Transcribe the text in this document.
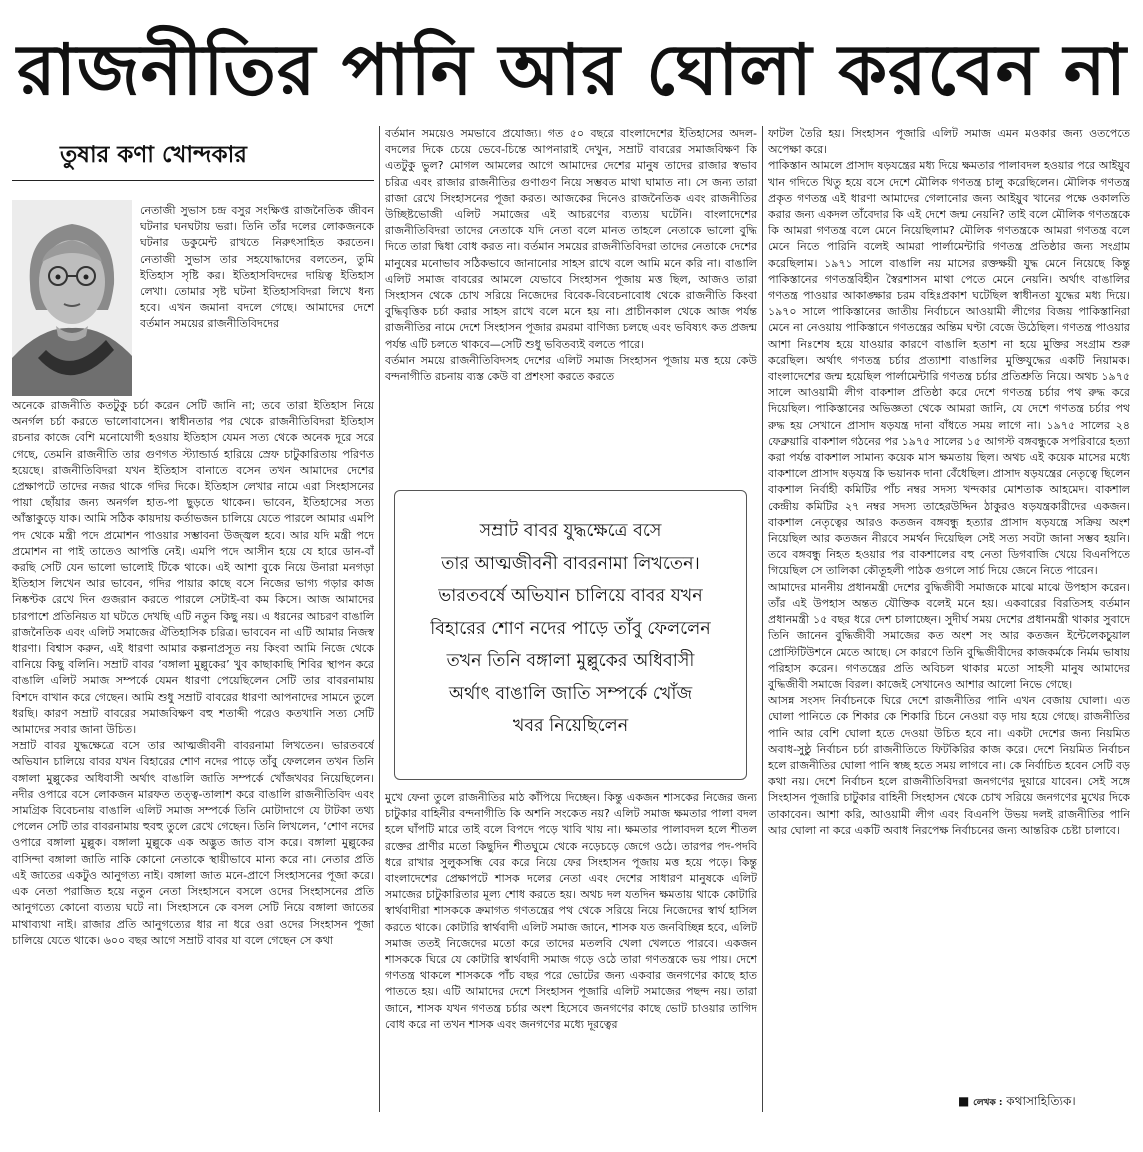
রাজনীতির পানি আর ঘোলা করবেন না
তুষার কণা খোন্দকার

নেতাজী সুভাস চন্দ্র বসুর সংক্ষিপ্ত রাজনৈতিক জীবন ঘটনার ঘনঘটায় ভরা। তিনি তাঁর দলের লোকজনকে ঘটনার ডকুমেন্ট রাখতে নিরুৎসাহিত করতেন। নেতাজী সুভাস তার সহযোদ্ধাদের বলতেন, তুমি ইতিহাস সৃষ্টি কর। ইতিহাসবিদদের দায়িত্ব ইতিহাস লেখা। তোমার সৃষ্ট ঘটনা ইতিহাসবিদরা লিখে ধন্য হবে। এখন জমানা বদলে গেছে। আমাদের দেশে বর্তমান সময়ের রাজনীতিবিদদের

অনেকে রাজনীতি কতটুকু চর্চা করেন সেটি জানি না; তবে তারা ইতিহাস নিয়ে অনর্গল চর্চা করতে ভালোবাসেন। স্বাধীনতার পর থেকে রাজনীতিবিদরা ইতিহাস রচনার কাজে বেশি মনোযোগী হওয়ায় ইতিহাস যেমন সত্য থেকে অনেক দূরে সরে গেছে, তেমনি রাজনীতি তার গুণগত স্ট্যান্ডার্ড হারিয়ে স্রেফ চাটুকারিতায় পরিণত হয়েছে। রাজনীতিবিদরা যখন ইতিহাস বানাতে বসেন তখন আমাদের দেশের প্রেক্ষাপটে তাদের নজর থাকে গদির দিকে। ইতিহাস লেখার নামে এরা সিংহাসনের পায়া ছোঁয়ার জন্য অনর্গল হাত-পা ছুড়তে থাকেন। ভাবেন, ইতিহাসের সত্য আঁস্তাকুড়ে যাক। আমি সঠিক কায়দায় কর্তাভজন চালিয়ে যেতে পারলে আমার এমপি পদ থেকে মন্ত্রী পদে প্রমোশন পাওয়ার সম্ভাবনা উজ্জ্বল হবে। আর যদি মন্ত্রী পদে প্রমোশন না পাই তাতেও আপত্তি নেই। এমপি পদে আসীন হয়ে যে হারে ডান-বাঁ করছি সেটি যেন ভালো ভালোই টিকে থাকে। এই আশা বুকে নিয়ে উনারা মনগড়া ইতিহাস লিখেন আর ভাবেন, গদির পায়ার কাছে বসে নিজের ভাগ্য গড়ার কাজ নিষ্কণ্টক রেখে দিন গুজরান করতে পারলে সেটাই-বা কম কিসে। আজ আমাদের চারপাশে প্রতিনিয়ত যা ঘটতে দেখছি এটি নতুন কিছু নয়। এ ধরনের আচরণ বাঙালি রাজনৈতিক এবং এলিট সমাজের ঐতিহাসিক চরিত্র। ভাববেন না এটি আমার নিজস্ব ধারণা। বিশ্বাস করুন, এই ধারণা আমার কল্পনাপ্রসূত নয় কিংবা আমি নিজে থেকে বানিয়ে কিছু বলিনি। সম্রাট বাবর ‘বঙ্গালা মুল্লুকের’ খুব কাছাকাছি শিবির স্থাপন করে বাঙালি এলিট সমাজ সম্পর্কে যেমন ধারণা পেয়েছিলেন সেটি তার বাবরনামায় বিশদে বাখান করে গেছেন। আমি শুধু সম্রাট বাবরের ধারণা আপনাদের সামনে তুলে ধরছি। কারণ সম্রাট বাবরের সমাজবিক্ষণ বহু শতাব্দী পরেও কতখানি সত্য সেটি আমাদের সবার জানা উচিত।

সম্রাট বাবর যুদ্ধক্ষেত্রে বসে তার আত্মজীবনী বাবরনামা লিখতেন। ভারতবর্ষে অভিযান চালিয়ে বাবর যখন বিহারের শোণ নদের পাড়ে তাঁবু ফেললেন তখন তিনি বঙ্গালা মুল্লুকের অধিবাসী অর্থাৎ বাঙালি জাতি সম্পর্কে খোঁজখবর নিয়েছিলেন। নদীর ওপারে বসে লোকজন মারফত তত্ত্ব-তালাশ করে বাঙালি রাজনীতিবিদ এবং সামগ্রিক বিবেচনায় বাঙালি এলিট সমাজ সম্পর্কে তিনি মোটাদাগে যে টাটকা তথ্য পেলেন সেটি তার বাবরনামায় হুবহু তুলে রেখে গেছেন। তিনি লিখলেন, ‘শোণ নদের ওপারে বঙ্গালা মুল্লুক। বঙ্গালা মুল্লুকে এক অদ্ভুত জাত বাস করে। বঙ্গালা মুল্লুকের বাসিন্দা বঙ্গালা জাতি নাকি কোনো নেতাকে স্থায়ীভাবে মান্য করে না। নেতার প্রতি এই জাতের একটুও আনুগত্য নাই। বঙ্গালা জাত মনে-প্রাণে সিংহাসনের পূজা করে। এক নেতা পরাজিত হয়ে নতুন নেতা সিংহাসনে বসলে ওদের সিংহাসনের প্রতি আনুগত্যে কোনো ব্যত্যয় ঘটে না। সিংহাসনে কে বসল সেটি নিয়ে বঙ্গালা জাতের মাথাব্যথা নাই। রাজার প্রতি আনুগত্যের ধার না ধরে ওরা ওদের সিংহাসন পূজা চালিয়ে যেতে থাকে। ৬০০ বছর আগে সম্রাট বাবর যা বলে গেছেন সে কথা

বর্তমান সময়েও সমভাবে প্রযোজ্য। গত ৫০ বছরে বাংলাদেশের ইতিহাসের অদল-বদলের দিকে চেয়ে ভেবে-চিন্তে আপনারাই দেখুন, সম্রাট বাবরের সমাজবিক্ষণ কি এতটুকু ভুল? মোগল আমলের আগে আমাদের দেশের মানুষ তাদের রাজার স্বভাব চরিত্র এবং রাজার রাজনীতির গুণাগুণ নিয়ে সম্ভবত মাথা ঘামাত না। সে জন্য তারা রাজা রেখে সিংহাসনের পূজা করত। আজকের দিনেও রাজনৈতিক এবং রাজনীতির উচ্ছিষ্টভোজী এলিট সমাজের এই আচরণের ব্যত্যয় ঘটেনি। বাংলাদেশের রাজনীতিবিদরা তাদের নেতাকে যদি নেতা বলে মানত তাহলে নেতাকে ভালো বুদ্ধি দিতে তারা দ্বিধা বোধ করত না। বর্তমান সময়ের রাজনীতিবিদরা তাদের নেতাকে দেশের মানুষের মনোভাব সঠিকভাবে জানানোর সাহস রাখে বলে আমি মনে করি না। বাঙালি এলিট সমাজ বাবরের আমলে যেভাবে সিংহাসন পূজায় মত্ত ছিল, আজও তারা সিংহাসন থেকে চোখ সরিয়ে নিজেদের বিবেক-বিবেচনাবোধ থেকে রাজনীতি কিংবা বুদ্ধিবৃত্তিক চর্চা করার সাহস রাখে বলে মনে হয় না। প্রাচীনকাল থেকে আজ পর্যন্ত রাজনীতির নামে দেশে সিংহাসন পূজার রমরমা বাণিজ্য চলছে এবং ভবিষ্যৎ কত প্রজন্ম পর্যন্ত এটি চলতে থাকবে—সেটি শুধু ভবিতব্যই বলতে পারে।

বর্তমান সময়ে রাজনীতিবিদসহ দেশের এলিট সমাজ সিংহাসন পূজায় মত্ত হয়ে কেউ বন্দনাগীতি রচনায় ব্যস্ত কেউ বা প্রশংসা করতে করতে

সম্রাট বাবর যুদ্ধক্ষেত্রে বসে

তার আত্মজীবনী বাবরনামা লিখতেন।

ভারতবর্ষে অভিযান চালিয়ে বাবর যখন

বিহারের শোণ নদের পাড়ে তাঁবু ফেললেন

তখন তিনি বঙ্গালা মুল্লুকের অধিবাসী

অর্থাৎ বাঙালি জাতি সম্পর্কে খোঁজ

খবর নিয়েছিলেন

মুখে ফেনা তুলে রাজনীতির মাঠ কাঁপিয়ে দিচ্ছেন। কিন্তু একজন শাসকের নিজের জন্য চাটুকার বাহিনীর বন্দনাগীতি কি অশনি সংকেত নয়? এলিট সমাজ ক্ষমতার পালা বদল হলে ঘাঁপটি মারে তাই বলে বিপদে পড়ে খাবি খায় না। ক্ষমতার পালাবদল হলে শীতল রক্তের প্রাণীর মতো কিছুদিন শীতঘুমে থেকে নড়েচড়ে জেগে ওঠে। তারপর পদ-পদবি ধরে রাখার সুলুকসন্ধি বের করে নিয়ে ফের সিংহাসন পূজায় মত্ত হয়ে পড়ে। কিন্তু বাংলাদেশের প্রেক্ষাপটে শাসক দলের নেতা এবং দেশের সাধারণ মানুষকে এলিট সমাজের চাটুকারিতার মূল্য শোধ করতে হয়। অথচ দল যতদিন ক্ষমতায় থাকে কোটারি স্বার্থবাদীরা শাসককে ক্রমাগত গণতন্ত্রের পথ থেকে সরিয়ে নিয়ে নিজেদের স্বার্থ হাসিল করতে থাকে। কোটারি স্বার্থবাদী এলিট সমাজ জানে, শাসক যত জনবিচ্ছিন্ন হবে, এলিট সমাজ ততই নিজেদের মতো করে তাদের মতলবি খেলা খেলতে পারবে। একজন শাসককে ঘিরে যে কোটারি স্বার্থবাদী সমাজ গড়ে ওঠে তারা গণতন্ত্রকে ভয় পায়। দেশে গণতন্ত্র থাকলে শাসককে পাঁচ বছর পরে ভোটের জন্য একবার জনগণের কাছে হাত পাততে হয়। এটি আমাদের দেশে সিংহাসন পূজারি এলিট সমাজের পছন্দ নয়। তারা জানে, শাসক যখন গণতন্ত্র চর্চার অংশ হিসেবে জনগণের কাছে ভোট চাওয়ার তাগিদ বোধ করে না তখন শাসক এবং জনগণের মধ্যে দূরত্বের

ফাটল তৈরি হয়। সিংহাসন পূজারি এলিট সমাজ এমন মওকার জন্য ওতপেতে অপেক্ষা করে।

পাকিস্তান আমলে প্রাসাদ ষড়যন্ত্রের মধ্য দিয়ে ক্ষমতার পালাবদল হওয়ার পরে আইয়ুব খান গদিতে থিতু হয়ে বসে দেশে মৌলিক গণতন্ত্র চালু করেছিলেন। মৌলিক গণতন্ত্র প্রকৃত গণতন্ত্র এই ধারণা আমাদের গেলানোর জন্য আইয়ুব খানের পক্ষে ওকালতি করার জন্য একদল তাঁবেদার কি এই দেশে জন্ম নেয়নি? তাই বলে মৌলিক গণতন্ত্রকে কি আমরা গণতন্ত্র বলে মেনে নিয়েছিলাম? মৌলিক গণতন্ত্রকে আমরা গণতন্ত্র বলে মেনে নিতে পারিনি বলেই আমরা পার্লামেন্টারি গণতন্ত্র প্রতিষ্ঠার জন্য সংগ্রাম করেছিলাম। ১৯৭১ সালে বাঙালি নয় মাসের রক্তক্ষয়ী যুদ্ধ মেনে নিয়েছে কিন্তু পাকিস্তানের গণতন্ত্রবিহীন স্বৈরশাসন মাথা পেতে মেনে নেয়নি। অর্থাৎ বাঙালির গণতন্ত্র পাওয়ার আকাঙ্ক্ষার চরম বহিঃপ্রকাশ ঘটেছিল স্বাধীনতা যুদ্ধের মধ্য দিয়ে। ১৯৭০ সালে পাকিস্তানের জাতীয় নির্বাচনে আওয়ামী লীগের বিজয় পাকিস্তানিরা মেনে না নেওয়ায় পাকিস্তানে গণতন্ত্রের অন্তিম ঘণ্টা বেজে উঠেছিল। গণতন্ত্র পাওয়ার আশা নিঃশেষ হয়ে যাওয়ার কারণে বাঙালি হতাশ না হয়ে মুক্তির সংগ্রাম শুরু করেছিল। অর্থাৎ গণতন্ত্র চর্চার প্রত্যাশা বাঙালির মুক্তিযুদ্ধের একটি নিয়ামক। বাংলাদেশের জন্ম হয়েছিল পার্লামেন্টারি গণতন্ত্র চর্চার প্রতিশ্রুতি নিয়ে। অথচ ১৯৭৫ সালে আওয়ামী লীগ বাকশাল প্রতিষ্ঠা করে দেশে গণতন্ত্র চর্চার পথ রুদ্ধ করে দিয়েছিল। পাকিস্তানের অভিজ্ঞতা থেকে আমরা জানি, যে দেশে গণতন্ত্র চর্চার পথ রুদ্ধ হয় সেখানে প্রাসাদ ষড়যন্ত্র দানা বাঁধতে সময় লাগে না। ১৯৭৫ সালের ২৪ ফেব্রুয়ারি বাকশাল গঠনের পর ১৯৭৫ সালের ১৫ আগস্ট বঙ্গবন্ধুকে সপরিবারে হত্যা করা পর্যন্ত বাকশাল সামান্য কয়েক মাস ক্ষমতায় ছিল। অথচ এই কয়েক মাসের মধ্যে বাকশালে প্রাসাদ ষড়যন্ত্র কি ভয়ানক দানা বেঁধেছিল। প্রাসাদ ষড়যন্ত্রের নেতৃত্বে ছিলেন বাকশাল নির্বাহী কমিটির পাঁচ নম্বর সদস্য খন্দকার মোশতাক আহমেদ। বাকশাল কেন্দ্রীয় কমিটির ২৭ নম্বর সদস্য তাহেরউদ্দিন ঠাকুরও ষড়যন্ত্রকারীদের একজন। বাকশাল নেতৃত্বের আরও কতজন বঙ্গবন্ধু হত্যার প্রাসাদ ষড়যন্ত্রে সক্রিয় অংশ নিয়েছিল আর কতজন নীরবে সমর্থন দিয়েছিল সেই সত্য সবটা জানা সম্ভব হয়নি। তবে বঙ্গবন্ধু নিহত হওয়ার পর বাকশালের বহু নেতা ডিগবাজি খেয়ে বিএনপিতে গিয়েছিল সে তালিকা কৌতূহলী পাঠক গুগলে সার্চ দিয়ে জেনে নিতে পারেন।

আমাদের মাননীয় প্রধানমন্ত্রী দেশের বুদ্ধিজীবী সমাজকে মাঝে মাঝে উপহাস করেন। তাঁর এই উপহাস অন্তত যৌক্তিক বলেই মনে হয়। একবারের বিরতিসহ বর্তমান প্রধানমন্ত্রী ১৫ বছর ধরে দেশ চালাচ্ছেন। সুদীর্ঘ সময় দেশের প্রধানমন্ত্রী থাকার সুবাদে তিনি জানেন বুদ্ধিজীবী সমাজের কত অংশ সং আর কতজন ইন্টেলেকচুয়াল প্রোস্টিটিউশনে মেতে আছে। সে কারণে তিনি বুদ্ধিজীবীদের কাজকর্মকে নির্মম ভাষায় পরিহাস করেন। গণতন্ত্রের প্রতি অবিচল থাকার মতো সাহসী মানুষ আমাদের বুদ্ধিজীবী সমাজে বিরল। কাজেই সেখানেও আশার আলো নিভে গেছে।

আসন্ন সংসদ নির্বাচনকে ঘিরে দেশে রাজনীতির পানি এখন বেজায় ঘোলা। এত ঘোলা পানিতে কে শিকার কে শিকারি চিনে নেওয়া বড় দায় হয়ে গেছে। রাজনীতির পানি আর বেশি ঘোলা হতে দেওয়া উচিত হবে না। একটা দেশের জন্য নিয়মিত অবাধ-সুষ্ঠু নির্বাচন চর্চা রাজনীতিতে ফিটকিরির কাজ করে। দেশে নিয়মিত নির্বাচন হলে রাজনীতির ঘোলা পানি স্বচ্ছ হতে সময় লাগবে না। কে নির্বাচিত হবেন সেটি বড় কথা নয়। দেশে নির্বাচন হলে রাজনীতিবিদরা জনগণের দুয়ারে যাবেন। সেই সঙ্গে সিংহাসন পূজারি চাটুকার বাহিনী সিংহাসন থেকে চোখ সরিয়ে জনগণের মুখের দিকে তাকাবেন। আশা করি, আওয়ামী লীগ এবং বিএনপি উভয় দলই রাজনীতির পানি আর ঘোলা না করে একটি অবাধ নিরপেক্ষ নির্বাচনের জন্য আন্তরিক চেষ্টা চালাবে।

■ লেখক : কথাসাহিত্যিক।
